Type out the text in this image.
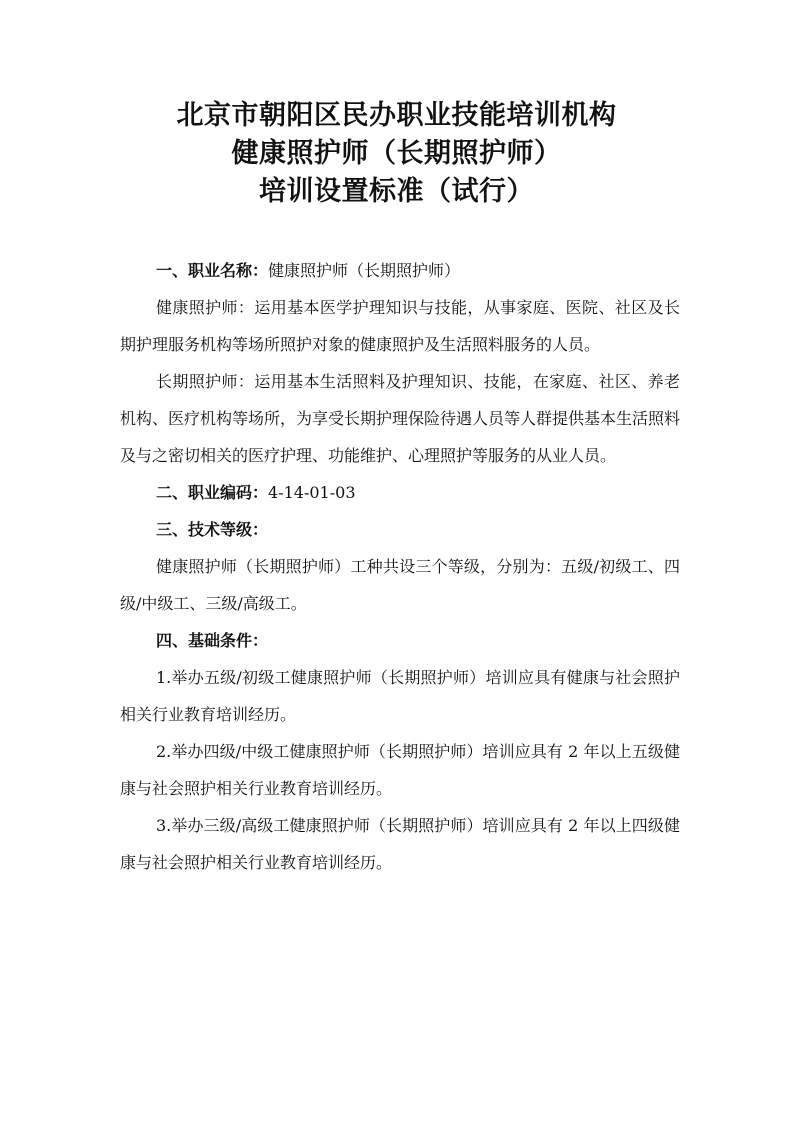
北京市朝阳区民办职业技能培训机构
健康照护师（长期照护师）
培训设置标准（试行）

一、职业名称：健康照护师（长期照护师）

健康照护师：运用基本医学护理知识与技能，从事家庭、医院、社区及长期护理服务机构等场所照护对象的健康照护及生活照料服务的人员。

长期照护师：运用基本生活照料及护理知识、技能，在家庭、社区、养老机构、医疗机构等场所，为享受长期护理保险待遇人员等人群提供基本生活照料及与之密切相关的医疗护理、功能维护、心理照护等服务的从业人员。

二、职业编码：4-14-01-03

三、技术等级：

健康照护师（长期照护师）工种共设三个等级，分别为：五级/初级工、四级/中级工、三级/高级工。

四、基础条件：

1.举办五级/初级工健康照护师（长期照护师）培训应具有健康与社会照护相关行业教育培训经历。

2.举办四级/中级工健康照护师（长期照护师）培训应具有 2 年以上五级健康与社会照护相关行业教育培训经历。

3.举办三级/高级工健康照护师（长期照护师）培训应具有 2 年以上四级健康与社会照护相关行业教育培训经历。
